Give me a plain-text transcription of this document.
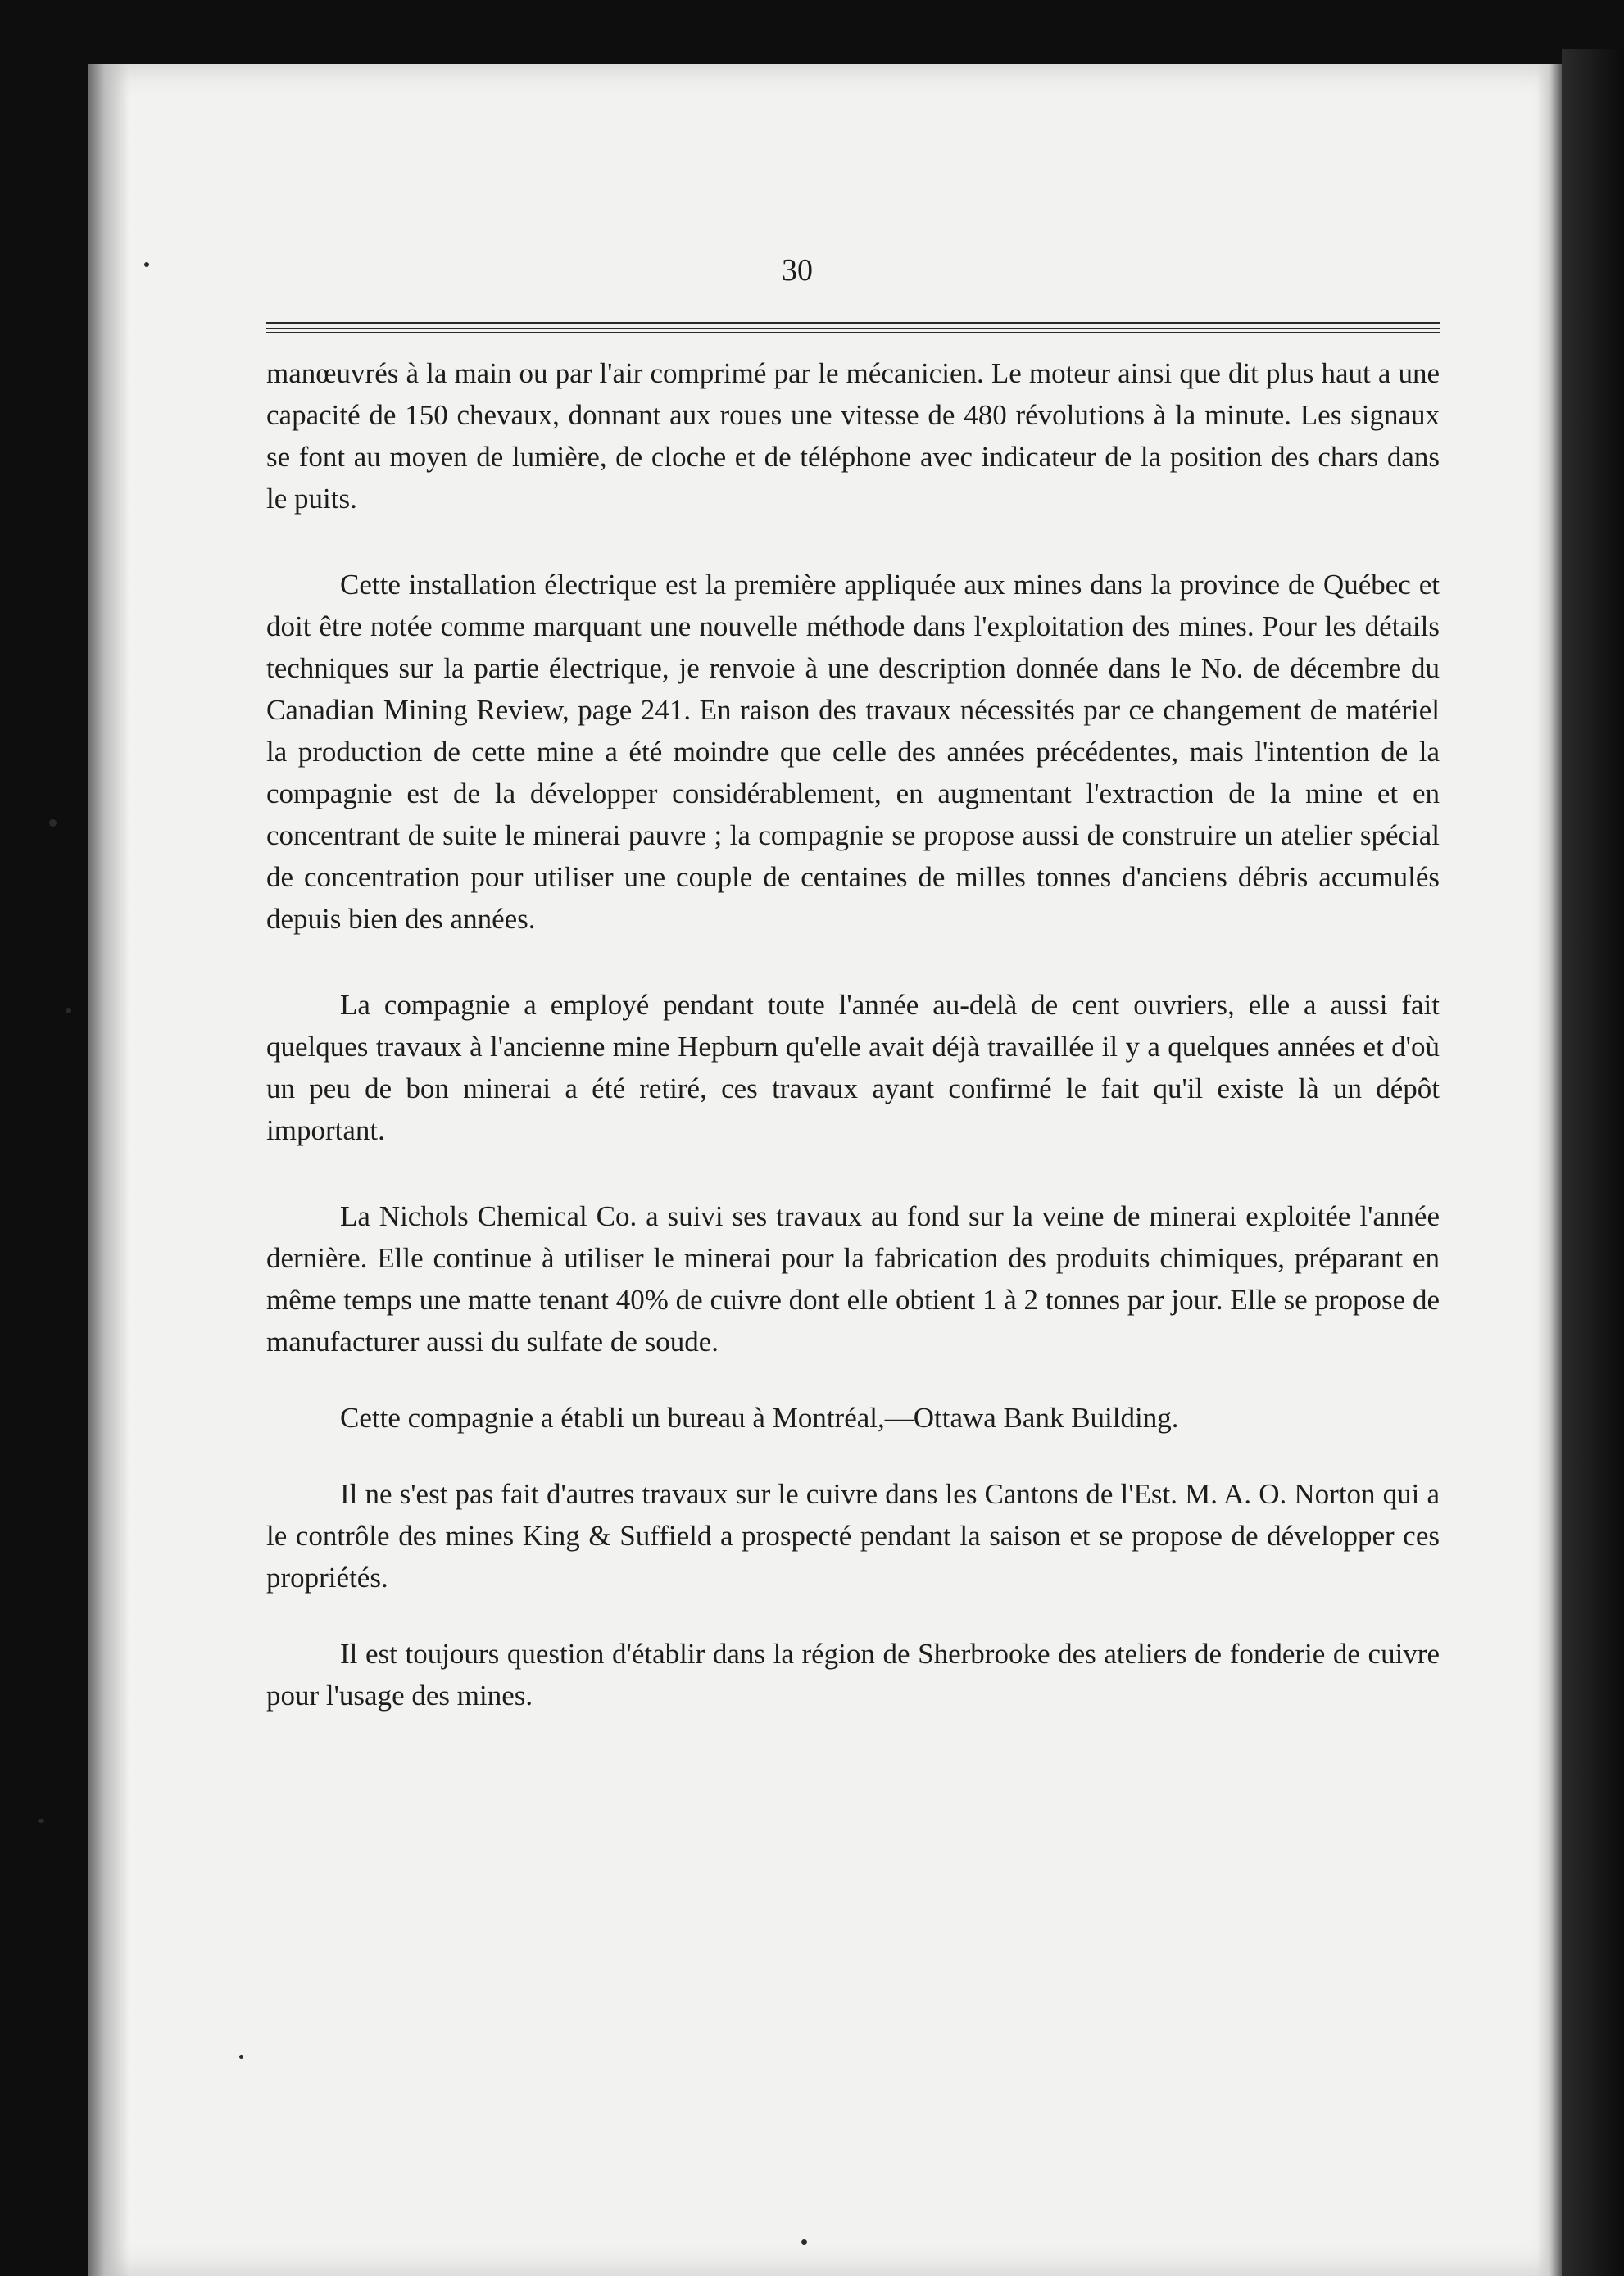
30

manœuvrés à la main ou par l'air comprimé par le mécanicien. Le moteur ainsi que dit plus haut a une capacité de 150 chevaux, donnant aux roues une vitesse de 480 révolutions à la minute. Les signaux se font au moyen de lumière, de cloche et de téléphone avec indicateur de la position des chars dans le puits.

Cette installation électrique est la première appliquée aux mines dans la province de Québec et doit être notée comme marquant une nouvelle méthode dans l'exploitation des mines. Pour les détails techniques sur la partie électrique, je renvoie à une description donnée dans le No. de décembre du Canadian Mining Review, page 241. En raison des travaux nécessités par ce changement de matériel la production de cette mine a été moindre que celle des années précédentes, mais l'intention de la compagnie est de la développer considérablement, en augmentant l'extraction de la mine et en concentrant de suite le minerai pauvre ; la compagnie se propose aussi de construire un atelier spécial de concentration pour utiliser une couple de centaines de milles tonnes d'anciens débris accumulés depuis bien des années.

La compagnie a employé pendant toute l'année au-delà de cent ouvriers, elle a aussi fait quelques travaux à l'ancienne mine Hepburn qu'elle avait déjà travaillée il y a quelques années et d'où un peu de bon minerai a été retiré, ces travaux ayant confirmé le fait qu'il existe là un dépôt important.

La Nichols Chemical Co. a suivi ses travaux au fond sur la veine de minerai exploitée l'année dernière. Elle continue à utiliser le minerai pour la fabrication des produits chimiques, préparant en même temps une matte tenant 40% de cuivre dont elle obtient 1 à 2 tonnes par jour. Elle se propose de manufacturer aussi du sulfate de soude.

Cette compagnie a établi un bureau à Montréal,—Ottawa Bank Building.

Il ne s'est pas fait d'autres travaux sur le cuivre dans les Cantons de l'Est. M. A. O. Norton qui a le contrôle des mines King & Suffield a prospecté pendant la saison et se propose de développer ces propriétés.

Il est toujours question d'établir dans la région de Sherbrooke des ateliers de fonderie de cuivre pour l'usage des mines.
